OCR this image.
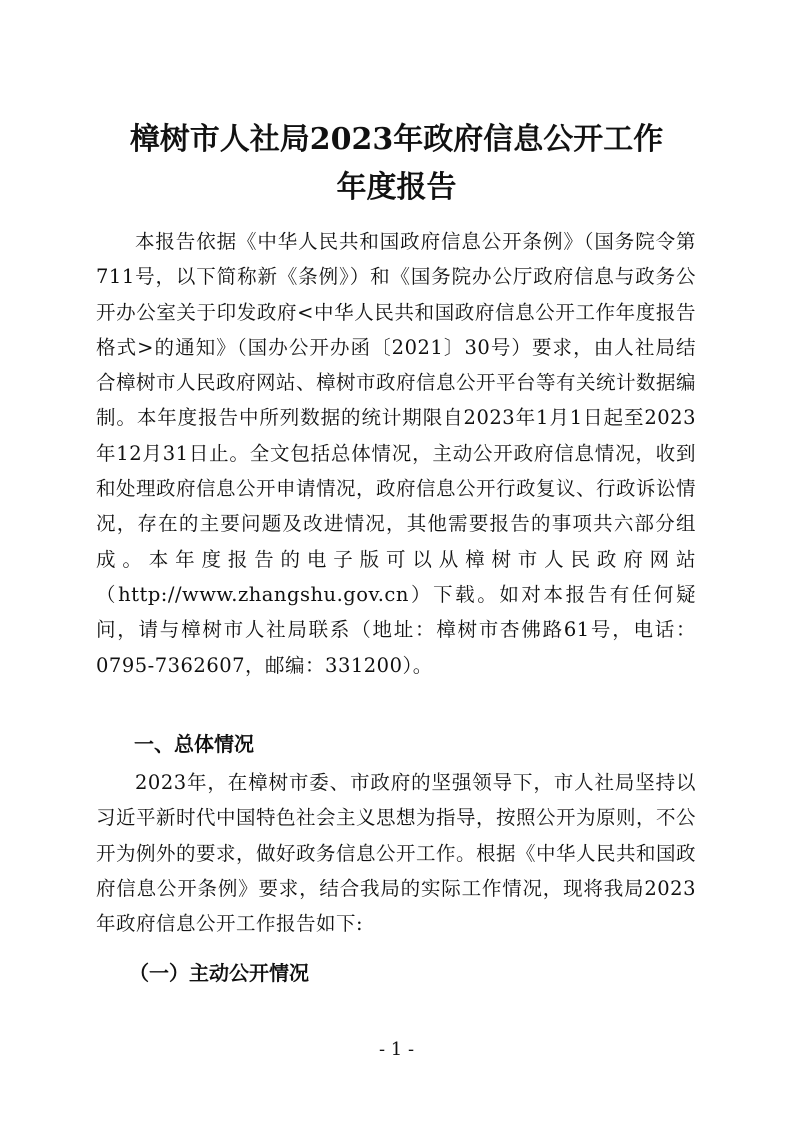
樟树市人社局2023年政府信息公开工作
年度报告

本报告依据《中华人民共和国政府信息公开条例》（国务院令第711号，以下简称新《条例》）和《国务院办公厅政府信息与政务公开办公室关于印发政府<中华人民共和国政府信息公开工作年度报告格式>的通知》（国办公开办函〔2021〕30号）要求，由人社局结合樟树市人民政府网站、樟树市政府信息公开平台等有关统计数据编制。本年度报告中所列数据的统计期限自2023年1月1日起至2023年12月31日止。全文包括总体情况，主动公开政府信息情况，收到和处理政府信息公开申请情况，政府信息公开行政复议、行政诉讼情况，存在的主要问题及改进情况，其他需要报告的事项共六部分组成。本年度报告的电子版可以从樟树市人民政府网站（http://www.zhangshu.gov.cn）下载。如对本报告有任何疑问，请与樟树市人社局联系（地址：樟树市杏佛路61号，电话：0795-7362607，邮编：331200）。

一、总体情况

2023年，在樟树市委、市政府的坚强领导下，市人社局坚持以习近平新时代中国特色社会主义思想为指导，按照公开为原则，不公开为例外的要求，做好政务信息公开工作。根据《中华人民共和国政府信息公开条例》要求，结合我局的实际工作情况，现将我局2023年政府信息公开工作报告如下:

（一）主动公开情况
- 1 -
